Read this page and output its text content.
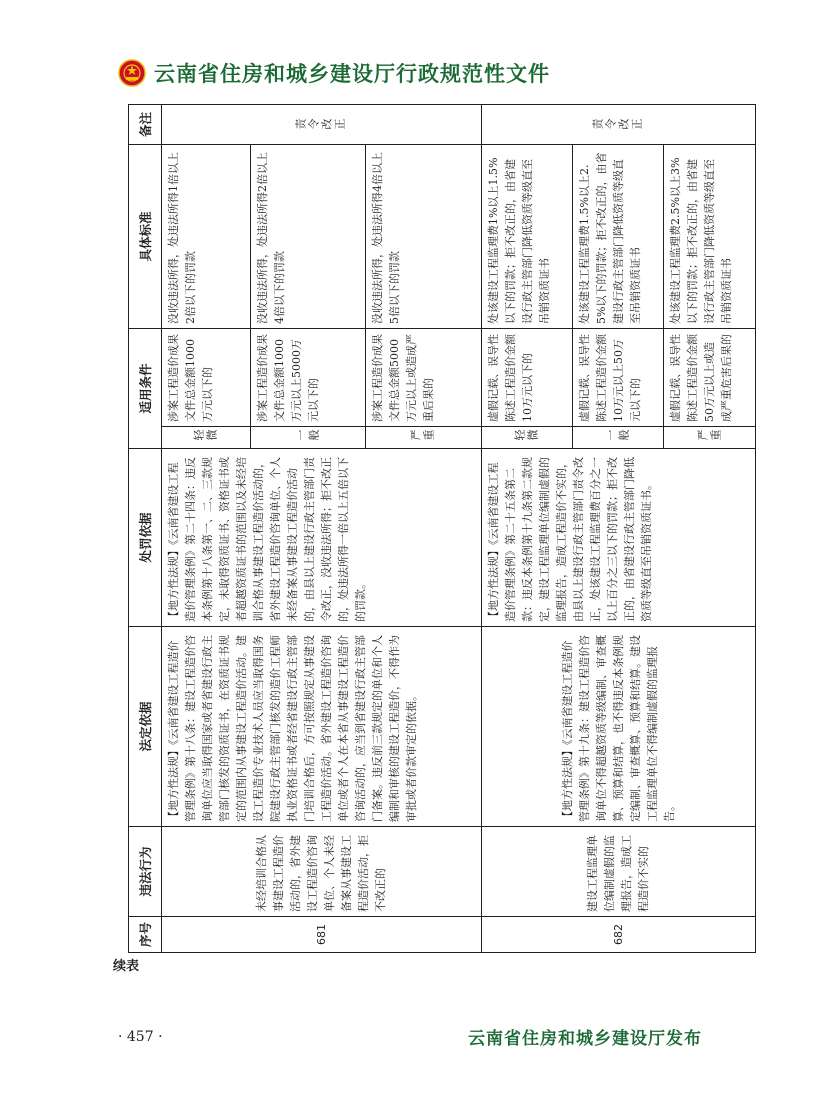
云南省住房和城乡建设厅行政规范性文件
续表
序号	违法行为	法定依据	处罚依据	适用条件		具体标准	备注
681	未经培训合格从事建设工程造价活动的，省外建设工程造价咨询单位、个人未经备案从事建设工程造价活动，拒不改正的	【地方性法规】《云南省建设工程造价管理条例》第十八条：建设工程造价咨询单位应当取得国家或者省建设行政主管部门核发的资质证书，在资质证书规定的范围内从事建设工程造价活动。建设工程造价专业技术人员应当取得国务院建设行政主管部门核发的造价工程师执业资格证书或者经省建设行政主管部门培训合格后，方可按照规定从事建设工程造价活动。省外建设工程造价咨询单位或者个人在本省从事建设工程造价咨询活动的，应当到省建设行政主管部门备案。违反前三款规定的单位和个人编制和审核的建设工程造价，不得作为审批或者价款审定的依据。	【地方性法规】《云南省建设工程造价管理条例》第二十四条：违反本条例第十八条第一、二、三款规定，未取得资质证书、资格证书或者超越资质证书的范围以及未经培训合格从事建设工程造价活动的，省外建设工程造价咨询单位、个人未经备案从事建设工程造价活动的，由县以上建设行政主管部门责令改正，没收违法所得；拒不改正的，处违法所得一倍以上五倍以下的罚款。	轻微	涉案工程造价成果文件总金额1000万元以下的	没收违法所得，处违法所得1倍以上2倍以下的罚款	责令改正

				一般	涉案工程造价成果文件总金额1000万元以上5000万元以下的	没收违法所得，处违法所得2倍以上4倍以下的罚款	

				严重	涉案工程造价成果文件总金额5000万元以上或造成严重后果的	没收违法所得，处违法所得4倍以上5倍以下的罚款	
682	建设工程监理单位编制虚假的监理报告，造成工程造价不实的	【地方性法规】《云南省建设工程造价管理条例》第十九条：建设工程造价咨询单位不得超越资质等级编制、审查概算、预算和结算，也不得违反本条例规定编制、审查概算、预算和结算。建设工程监理单位不得编制虚假的监理报告。	【地方性法规】《云南省建设工程造价管理条例》第二十五条第二款：违反本条例第十九条第二款规定，建设工程监理单位编制虚假的监理报告，造成工程造价不实的，由县以上建设行政主管部门责令改正，处该建设工程监理费百分之一以上百分之三以下的罚款；拒不改正的，由省建设行政主管部门降低资质等级直至吊销资质证书。	轻微	虚假记载、误导性陈述工程造价金额10万元以下的	处该建设工程监理费1%以上1.5%以下的罚款；拒不改正的，由省建设行政主管部门降低资质等级直至吊销资质证书	责令改正

				一般	虚假记载、误导性陈述工程造价金额10万元以上50万元以下的	处该建设工程监理费1.5%以上2.5%以下的罚款；拒不改正的，由省建设行政主管部门降低资质等级直至吊销资质证书	

				严重	虚假记载、误导性陈述工程造价金额50万元以上或造成严重危害后果的	处该建设工程监理费2.5%以上3%以下的罚款；拒不改正的，由省建设行政主管部门降低资质等级直至吊销资质证书	
· 457 ·	云南省住房和城乡建设厅发布
